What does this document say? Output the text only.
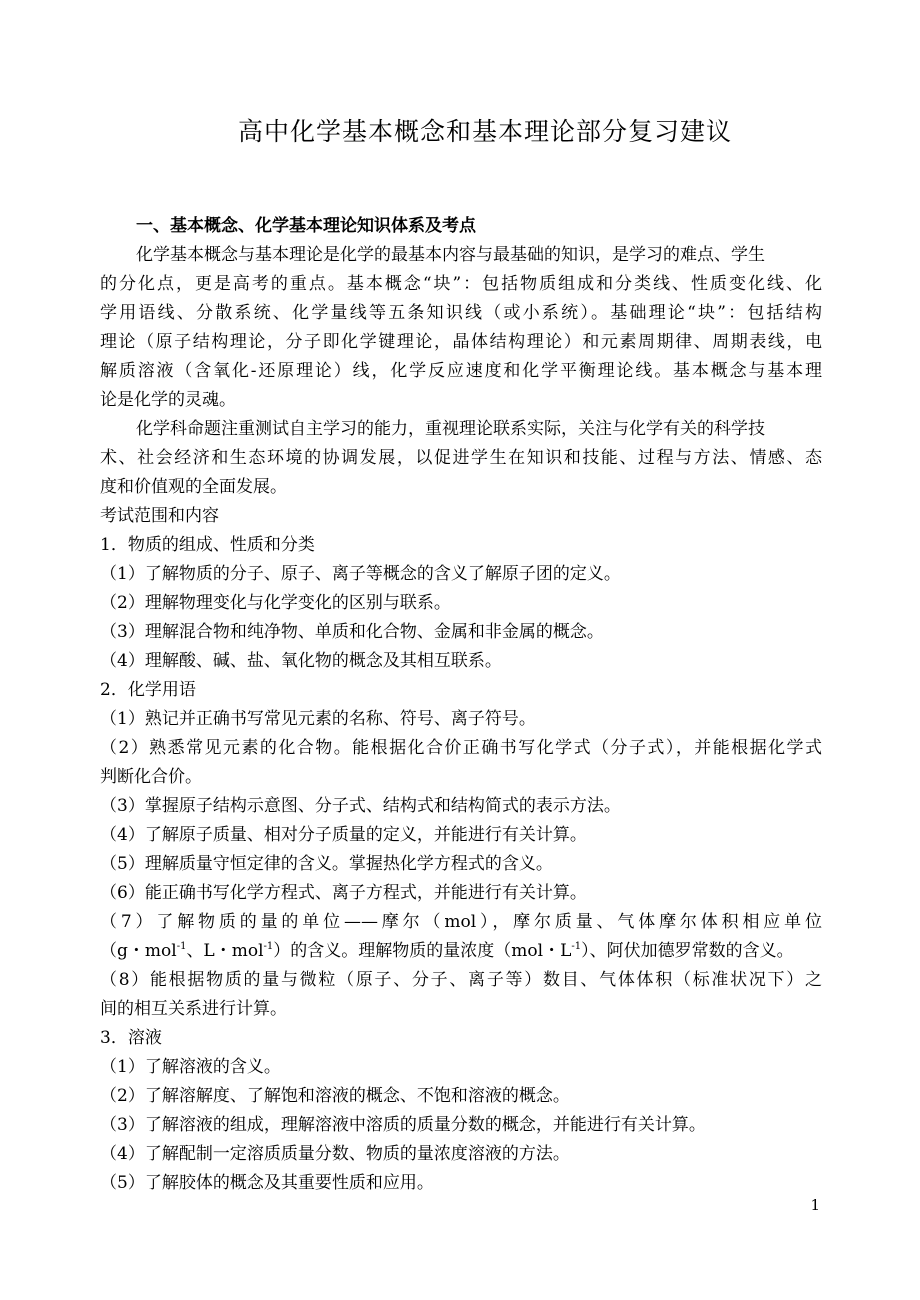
高中化学基本概念和基本理论部分复习建议
一、基本概念、化学基本理论知识体系及考点
化学基本概念与基本理论是化学的最基本内容与最基础的知识，是学习的难点、学生
的分化点，更是高考的重点。基本概念“块”：包括物质组成和分类线、性质变化线、化
学用语线、分散系统、化学量线等五条知识线（或小系统）。基础理论“块”：包括结构
理论（原子结构理论，分子即化学键理论，晶体结构理论）和元素周期律、周期表线，电
解质溶液（含氧化-还原理论）线，化学反应速度和化学平衡理论线。基本概念与基本理
论是化学的灵魂。
化学科命题注重测试自主学习的能力，重视理论联系实际，关注与化学有关的科学技
术、社会经济和生态环境的协调发展，以促进学生在知识和技能、过程与方法、情感、态
度和价值观的全面发展。
考试范围和内容
1．物质的组成、性质和分类
（1）了解物质的分子、原子、离子等概念的含义了解原子团的定义。
（2）理解物理变化与化学变化的区别与联系。
（3）理解混合物和纯净物、单质和化合物、金属和非金属的概念。
（4）理解酸、碱、盐、氧化物的概念及其相互联系。
2．化学用语
（1）熟记并正确书写常见元素的名称、符号、离子符号。
（2）熟悉常见元素的化合物。能根据化合价正确书写化学式（分子式），并能根据化学式
判断化合价。
（3）掌握原子结构示意图、分子式、结构式和结构简式的表示方法。
（4）了解原子质量、相对分子质量的定义，并能进行有关计算。
（5）理解质量守恒定律的含义。掌握热化学方程式的含义。
（6）能正确书写化学方程式、离子方程式，并能进行有关计算。
（7）了解物质的量的单位——摩尔（mol），摩尔质量、气体摩尔体积相应单位
（g・mol$^{-1}$、L・mol$^{-1}$）的含义。理解物质的量浓度（mol・$L^{-1}$）、阿伏加德罗常数的含义。
（8）能根据物质的量与微粒（原子、分子、离子等）数目、气体体积（标准状况下）之
间的相互关系进行计算。
3．溶液
（1）了解溶液的含义。
（2）了解溶解度、了解饱和溶液的概念、不饱和溶液的概念。
（3）了解溶液的组成，理解溶液中溶质的质量分数的概念，并能进行有关计算。
（4）了解配制一定溶质质量分数、物质的量浓度溶液的方法。
（5）了解胶体的概念及其重要性质和应用。
1
